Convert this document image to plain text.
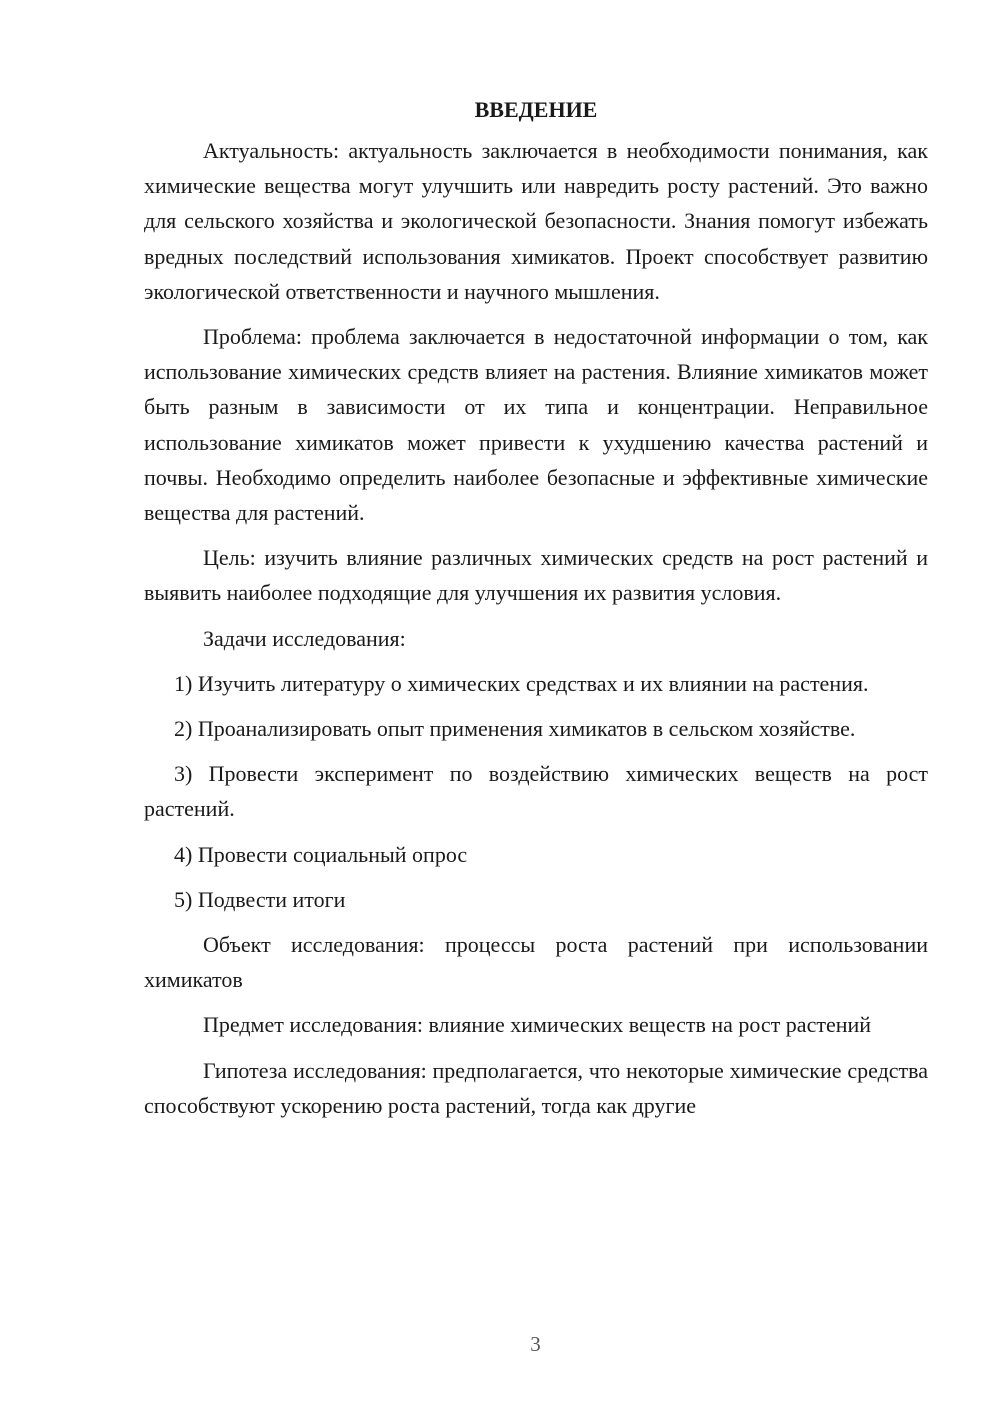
ВВЕДЕНИЕ

Актуальность: актуальность заключается в необходимости понимания, как химические вещества могут улучшить или навредить росту растений. Это важно для сельского хозяйства и экологической безопасности. Знания помогут избежать вредных последствий использования химикатов. Проект способствует развитию экологической ответственности и научного мышления.

Проблема: проблема заключается в недостаточной информации о том, как использование химических средств влияет на растения. Влияние химикатов может быть разным в зависимости от их типа и концентрации. Неправильное использование химикатов может привести к ухудшению качества растений и почвы. Необходимо определить наиболее безопасные и эффективные химические вещества для растений.

Цель: изучить влияние различных химических средств на рост растений и выявить наиболее подходящие для улучшения их развития условия.

Задачи исследования:

1) Изучить литературу о химических средствах и их влиянии на растения.

2) Проанализировать опыт применения химикатов в сельском хозяйстве.

3) Провести эксперимент по воздействию химических веществ на рост растений.

4) Провести социальный опрос

5) Подвести итоги

Объект исследования: процессы роста растений при использовании химикатов

Предмет исследования: влияние химических веществ на рост растений

Гипотеза исследования: предполагается, что некоторые химические средства способствуют ускорению роста растений, тогда как другие

3
